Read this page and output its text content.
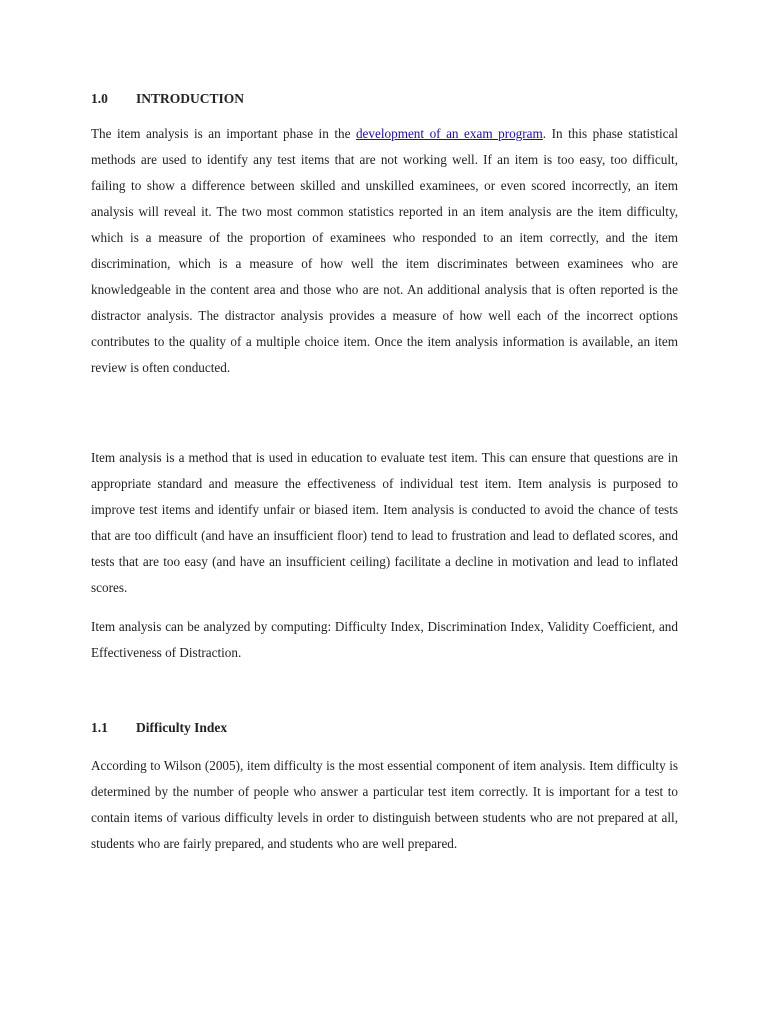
1.0 INTRODUCTION

The item analysis is an important phase in the development of an exam program. In this phase statistical methods are used to identify any test items that are not working well. If an item is too easy, too difficult, failing to show a difference between skilled and unskilled examinees, or even scored incorrectly, an item analysis will reveal it. The two most common statistics reported in an item analysis are the item difficulty, which is a measure of the proportion of examinees who responded to an item correctly, and the item discrimination, which is a measure of how well the item discriminates between examinees who are knowledgeable in the content area and those who are not. An additional analysis that is often reported is the distractor analysis. The distractor analysis provides a measure of how well each of the incorrect options contributes to the quality of a multiple choice item. Once the item analysis information is available, an item review is often conducted.

Item analysis is a method that is used in education to evaluate test item. This can ensure that questions are in appropriate standard and measure the effectiveness of individual test item. Item analysis is purposed to improve test items and identify unfair or biased item. Item analysis is conducted to avoid the chance of tests that are too difficult (and have an insufficient floor) tend to lead to frustration and lead to deflated scores, and tests that are too easy (and have an insufficient ceiling) facilitate a decline in motivation and lead to inflated scores.

Item analysis can be analyzed by computing: Difficulty Index, Discrimination Index, Validity Coefficient, and Effectiveness of Distraction.

1.1 Difficulty Index

According to Wilson (2005), item difficulty is the most essential component of item analysis. Item difficulty is determined by the number of people who answer a particular test item correctly. It is important for a test to contain items of various difficulty levels in order to distinguish between students who are not prepared at all, students who are fairly prepared, and students who are well prepared.
